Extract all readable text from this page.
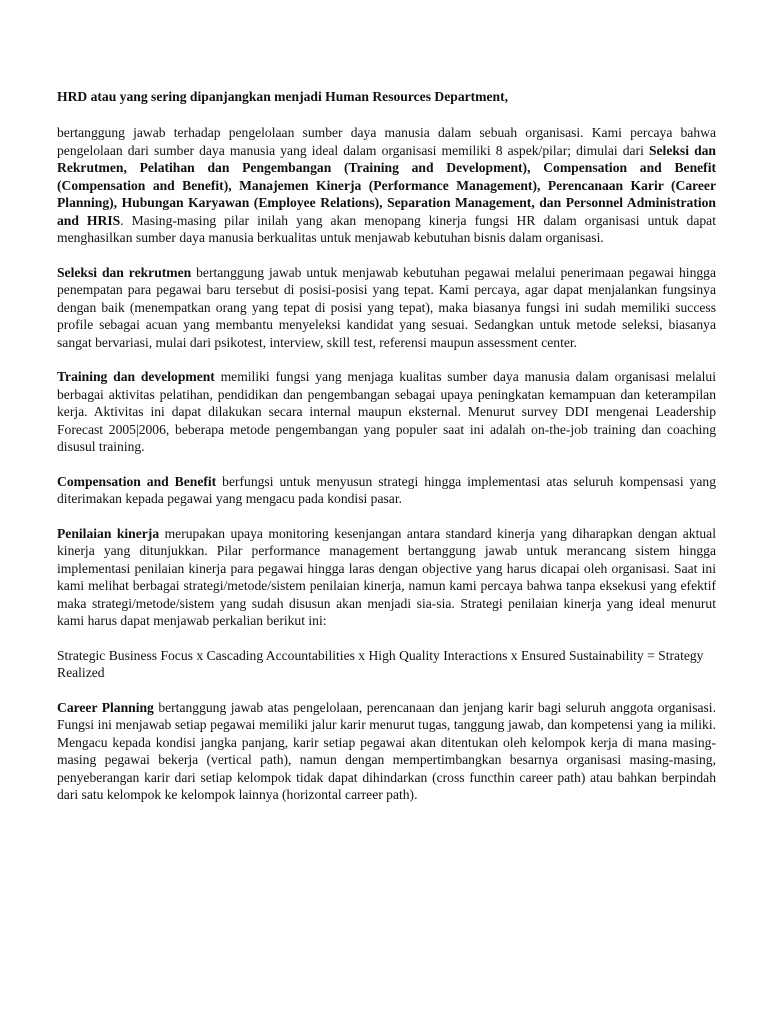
HRD atau yang sering dipanjangkan menjadi Human Resources Department,

bertanggung jawab terhadap pengelolaan sumber daya manusia dalam sebuah organisasi. Kami percaya bahwa pengelolaan dari sumber daya manusia yang ideal dalam organisasi memiliki 8 aspek/pilar; dimulai dari Seleksi dan Rekrutmen, Pelatihan dan Pengembangan (Training and Development), Compensation and Benefit (Compensation and Benefit), Manajemen Kinerja (Performance Management), Perencanaan Karir (Career Planning), Hubungan Karyawan (Employee Relations), Separation Management, dan Personnel Administration and HRIS. Masing-masing pilar inilah yang akan menopang kinerja fungsi HR dalam organisasi untuk dapat menghasilkan sumber daya manusia berkualitas untuk menjawab kebutuhan bisnis dalam organisasi.

Seleksi dan rekrutmen bertanggung jawab untuk menjawab kebutuhan pegawai melalui penerimaan pegawai hingga penempatan para pegawai baru tersebut di posisi-posisi yang tepat. Kami percaya, agar dapat menjalankan fungsinya dengan baik (menempatkan orang yang tepat di posisi yang tepat), maka biasanya fungsi ini sudah memiliki success profile sebagai acuan yang membantu menyeleksi kandidat yang sesuai. Sedangkan untuk metode seleksi, biasanya sangat bervariasi, mulai dari psikotest, interview, skill test, referensi maupun assessment center.

Training dan development memiliki fungsi yang menjaga kualitas sumber daya manusia dalam organisasi melalui berbagai aktivitas pelatihan, pendidikan dan pengembangan sebagai upaya peningkatan kemampuan dan keterampilan kerja. Aktivitas ini dapat dilakukan secara internal maupun eksternal. Menurut survey DDI mengenai Leadership Forecast 2005|2006, beberapa metode pengembangan yang populer saat ini adalah on-the-job training dan coaching disusul training.

Compensation and Benefit berfungsi untuk menyusun strategi hingga implementasi atas seluruh kompensasi yang diterimakan kepada pegawai yang mengacu pada kondisi pasar.

Penilaian kinerja merupakan upaya monitoring kesenjangan antara standard kinerja yang diharapkan dengan aktual kinerja yang ditunjukkan. Pilar performance management bertanggung jawab untuk merancang sistem hingga implementasi penilaian kinerja para pegawai hingga laras dengan objective yang harus dicapai oleh organisasi. Saat ini kami melihat berbagai strategi/metode/sistem penilaian kinerja, namun kami percaya bahwa tanpa eksekusi yang efektif maka strategi/metode/sistem yang sudah disusun akan menjadi sia-sia. Strategi penilaian kinerja yang ideal menurut kami harus dapat menjawab perkalian berikut ini:

Strategic Business Focus x Cascading Accountabilities x High Quality Interactions x Ensured Sustainability = Strategy Realized

Career Planning bertanggung jawab atas pengelolaan, perencanaan dan jenjang karir bagi seluruh anggota organisasi. Fungsi ini menjawab setiap pegawai memiliki jalur karir menurut tugas, tanggung jawab, dan kompetensi yang ia miliki. Mengacu kepada kondisi jangka panjang, karir setiap pegawai akan ditentukan oleh kelompok kerja di mana masing-masing pegawai bekerja (vertical path), namun dengan mempertimbangkan besarnya organisasi masing-masing, penyeberangan karir dari setiap kelompok tidak dapat dihindarkan (cross functhin career path) atau bahkan berpindah dari satu kelompok ke kelompok lainnya (horizontal carreer path).
